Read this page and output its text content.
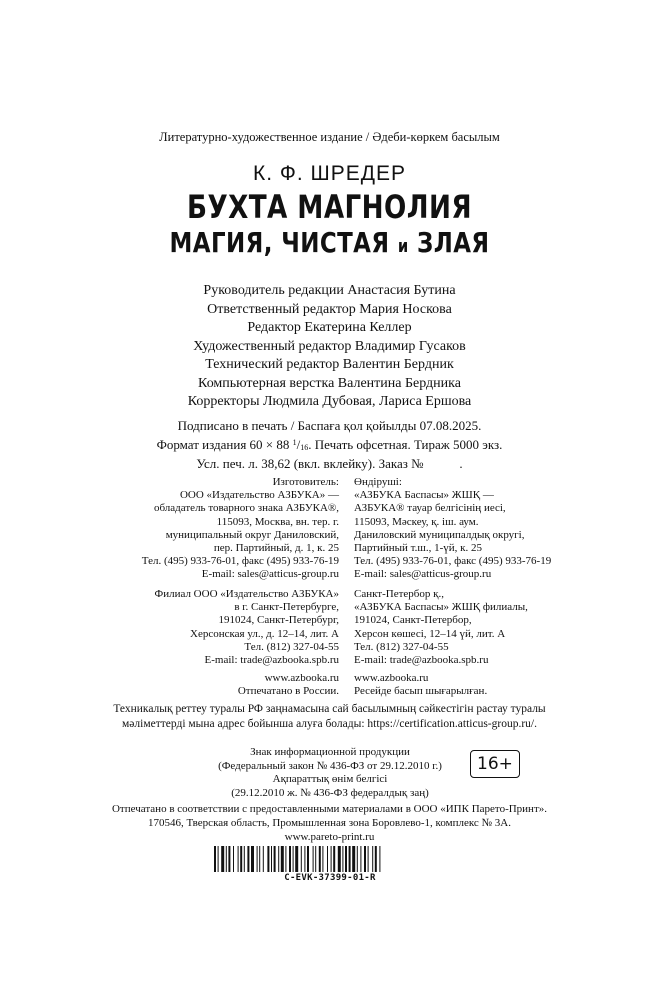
Литературно-художественное издание / Әдеби-көркем басылым
К. Ф. ШРЕДЕР
БУХТА МАГНОЛИЯ
МАГИЯ, ЧИСТАЯ и ЗЛАЯ
Руководитель редакции Анастасия Бутина
Ответственный редактор Мария Носкова
Редактор Екатерина Келлер
Художественный редактор Владимир Гусаков
Технический редактор Валентин Бердник
Компьютерная верстка Валентина Бердника
Корректоры Людмила Дубовая, Лариса Ершова
Подписано в печать / Баспаға қол қойылды 07.08.2025.
Формат издания 60 × 88 $^1/_{16}$. Печать офсетная. Тираж 5000 экз.
Усл. печ. л. 38,62 (вкл. вклейку). Заказ №           .
Изготовитель:
ООО «Издательство АЗБУКА» —
обладатель товарного знака АЗБУКА®,
115093, Москва, вн. тер. г.
муниципальный округ Даниловский,
пер. Партийный, д. 1, к. 25
Тел. (495) 933-76-01, факс (495) 933-76-19
E-mail: sales@atticus-group.ru
Өндіруші:
«АЗБУКА Баспасы» ЖШҚ —
АЗБУКА® тауар белгісінің иесі,
115093, Мәскеу, қ. іш. аум.
Даниловский муниципалдық округі,
Партийный т.ш., 1-үй, к. 25
Тел. (495) 933-76-01, факс (495) 933-76-19
E-mail: sales@atticus-group.ru
Филиал ООО «Издательство АЗБУКА»
в г. Санкт-Петербурге,
191024, Санкт-Петербург,
Херсонская ул., д. 12–14, лит. А
Тел. (812) 327-04-55
E-mail: trade@azbooka.spb.ru
Санкт-Петербор қ.,
«АЗБУКА Баспасы» ЖШҚ филиалы,
191024, Санкт-Петербор,
Херсон көшесі, 12–14 үй, лит. А
Тел. (812) 327-04-55
E-mail: trade@azbooka.spb.ru
www.azbooka.ru
Отпечатано в России.
www.azbooka.ru
Ресейде басып шығарылған.
Техникалық реттеу туралы РФ заңнамасына сай басылымның сәйкестігін растау туралы
мәліметтерді мына адрес бойынша алуға болады: https://certification.atticus-group.ru/.
Знак информационной продукции
(Федеральный закон № 436-ФЗ от 29.12.2010 г.)
Ақпараттық өнім белгісі
(29.12.2010 ж. № 436-ФЗ федералдық заң)
16+
Отпечатано в соответствии с предоставленными материалами в ООО «ИПК Парето-Принт».
170546, Тверская область, Промышленная зона Боровлево-1, комплекс № 3А.
www.pareto-print.ru
C-EVK-37399-01-R
